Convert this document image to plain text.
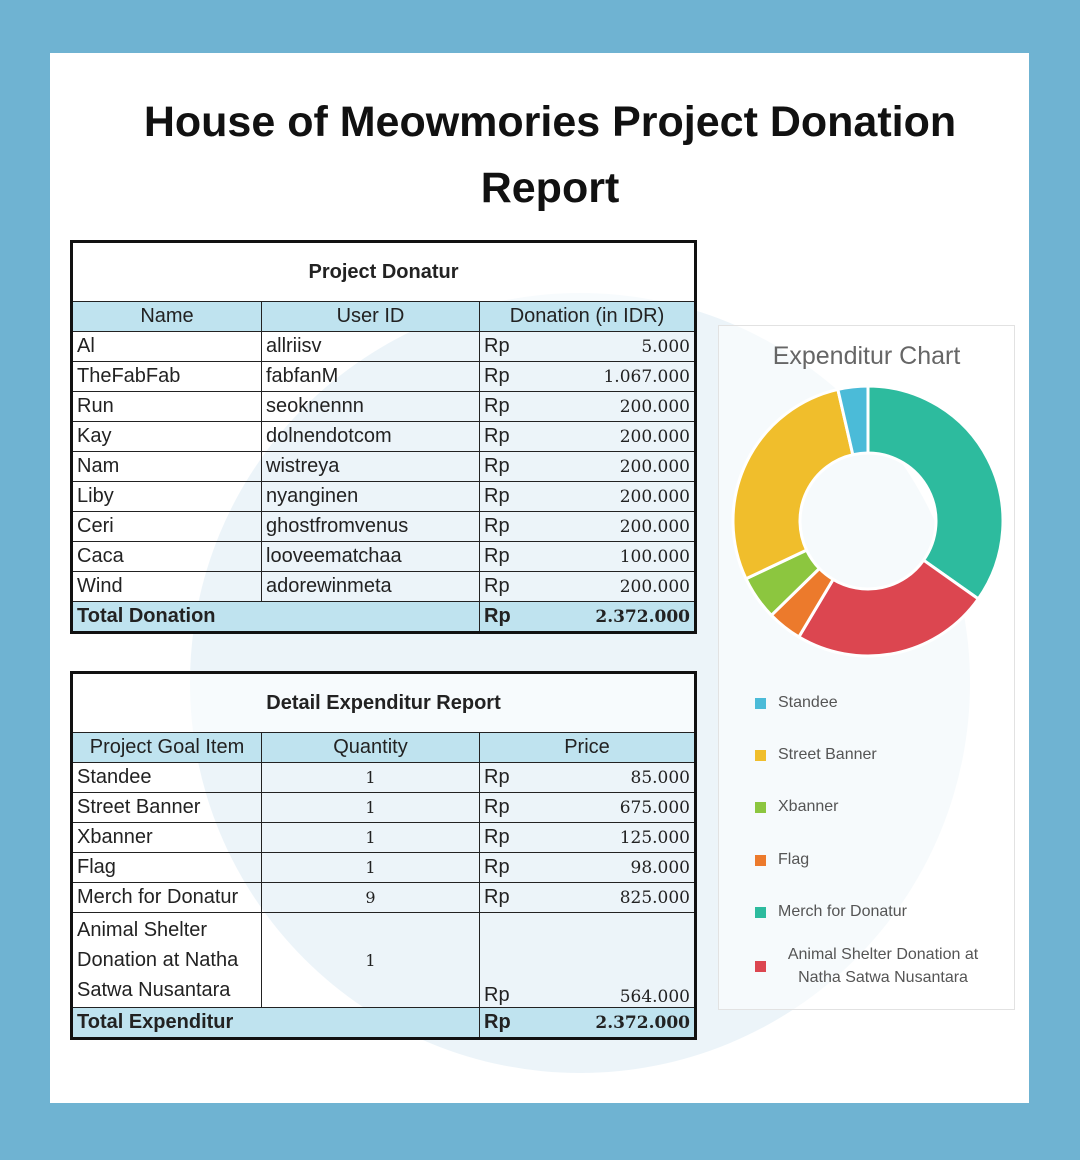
House of Meowmories Project Donation
Report
Project Donatur			
Name	User ID	Donation (in IDR)	
Al	allriisv	Rp	5.000
TheFabFab	fabfanM	Rp	1.067.000
Run	seoknennn	Rp	200.000
Kay	dolnendotcom	Rp	200.000
Nam	wistreya	Rp	200.000
Liby	nyanginen	Rp	200.000
Ceri	ghostfromvenus	Rp	200.000
Caca	looveematchaa	Rp	100.000
Wind	adorewinmeta	Rp	200.000
Total Donation		Rp	2.372.000
Detail Expenditur Report			
Project Goal Item	Quantity	Price	
Standee	1	Rp	85.000
Street Banner	1	Rp	675.000
Xbanner	1	Rp	125.000
Flag	1	Rp	98.000
Merch for Donatur	9	Rp	825.000

Animal Shelter
Donation at Natha
Satwa Nusantara	1	Rp	564.000
Total Expenditur		Rp	2.372.000
Expenditur Chart
Standee
Street Banner
Xbanner
Flag
Merch for Donatur
Animal Shelter Donation at Natha Satwa Nusantara
